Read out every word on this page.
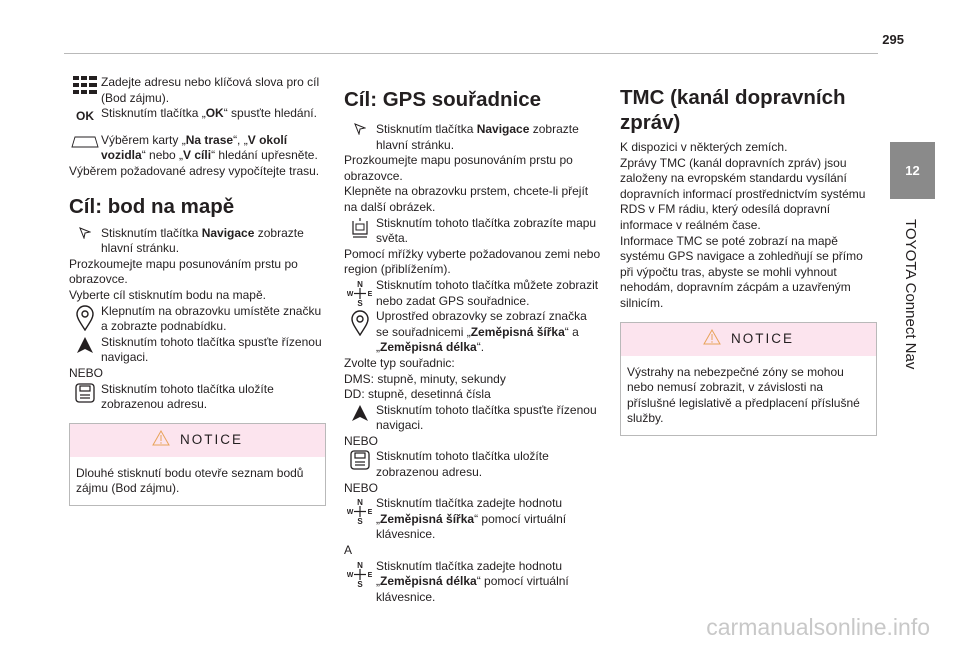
295
12
TOYOTA Connect Nav

Zadejte adresu nebo klíčová slova pro cíl (Bod zájmu).

OK Stisknutím tlačítka „OK“ spusťte hledání.

Výběrem karty „Na trase“, „V okolí vozidla“ nebo „V cíli“ hledání upřesněte.

Výběrem požadované adresy vypočítejte trasu.

Cíl: bod na mapě

Stisknutím tlačítka Navigace zobrazte hlavní stránku.

Prozkoumejte mapu posunováním prstu po obrazovce.

Vyberte cíl stisknutím bodu na mapě.

Klepnutím na obrazovku umístěte značku a zobrazte podnabídku.

Stisknutím tohoto tlačítka spusťte řízenou navigaci.

NEBO

Stisknutím tohoto tlačítka uložíte zobrazenou adresu.

NOTICE

Dlouhé stisknutí bodu otevře seznam bodů zájmu (Bod zájmu).

Cíl: GPS souřadnice

Stisknutím tlačítka Navigace zobrazte hlavní stránku.

Prozkoumejte mapu posunováním prstu po obrazovce.

Klepněte na obrazovku prstem, chcete-li přejít na další obrázek.

Stisknutím tohoto tlačítka zobrazíte mapu světa.

Pomocí mřížky vyberte požadovanou zemi nebo region (přiblížením).

N
W E
S

Stisknutím tohoto tlačítka můžete zobrazit nebo zadat GPS souřadnice.

Uprostřed obrazovky se zobrazí značka se souřadnicemi „Zeměpisná šířka“ a „Zeměpisná délka“.

Zvolte typ souřadnic:

DMS: stupně, minuty, sekundy

DD: stupně, desetinná čísla

Stisknutím tohoto tlačítka spusťte řízenou navigaci.

NEBO

Stisknutím tohoto tlačítka uložíte zobrazenou adresu.

NEBO

N
W E
S

Stisknutím tlačítka zadejte hodnotu „Zeměpisná šířka“ pomocí virtuální klávesnice.

A

N
W E
S

Stisknutím tlačítka zadejte hodnotu „Zeměpisná délka“ pomocí virtuální klávesnice.

TMC (kanál dopravních zpráv)

K dispozici v některých zemích.

Zprávy TMC (kanál dopravních zpráv) jsou založeny na evropském standardu vysílání dopravních informací prostřednictvím systému RDS v FM rádiu, který odesílá dopravní informace v reálném čase.

Informace TMC se poté zobrazí na mapě systému GPS navigace a zohledňují se přímo při výpočtu tras, abyste se mohli vyhnout nehodám, dopravním zácpám a uzavřeným silnicím.

NOTICE

Výstrahy na nebezpečné zóny se mohou nebo nemusí zobrazit, v závislosti na příslušné legislativě a předplacení příslušné služby.

carmanualsonline.info
